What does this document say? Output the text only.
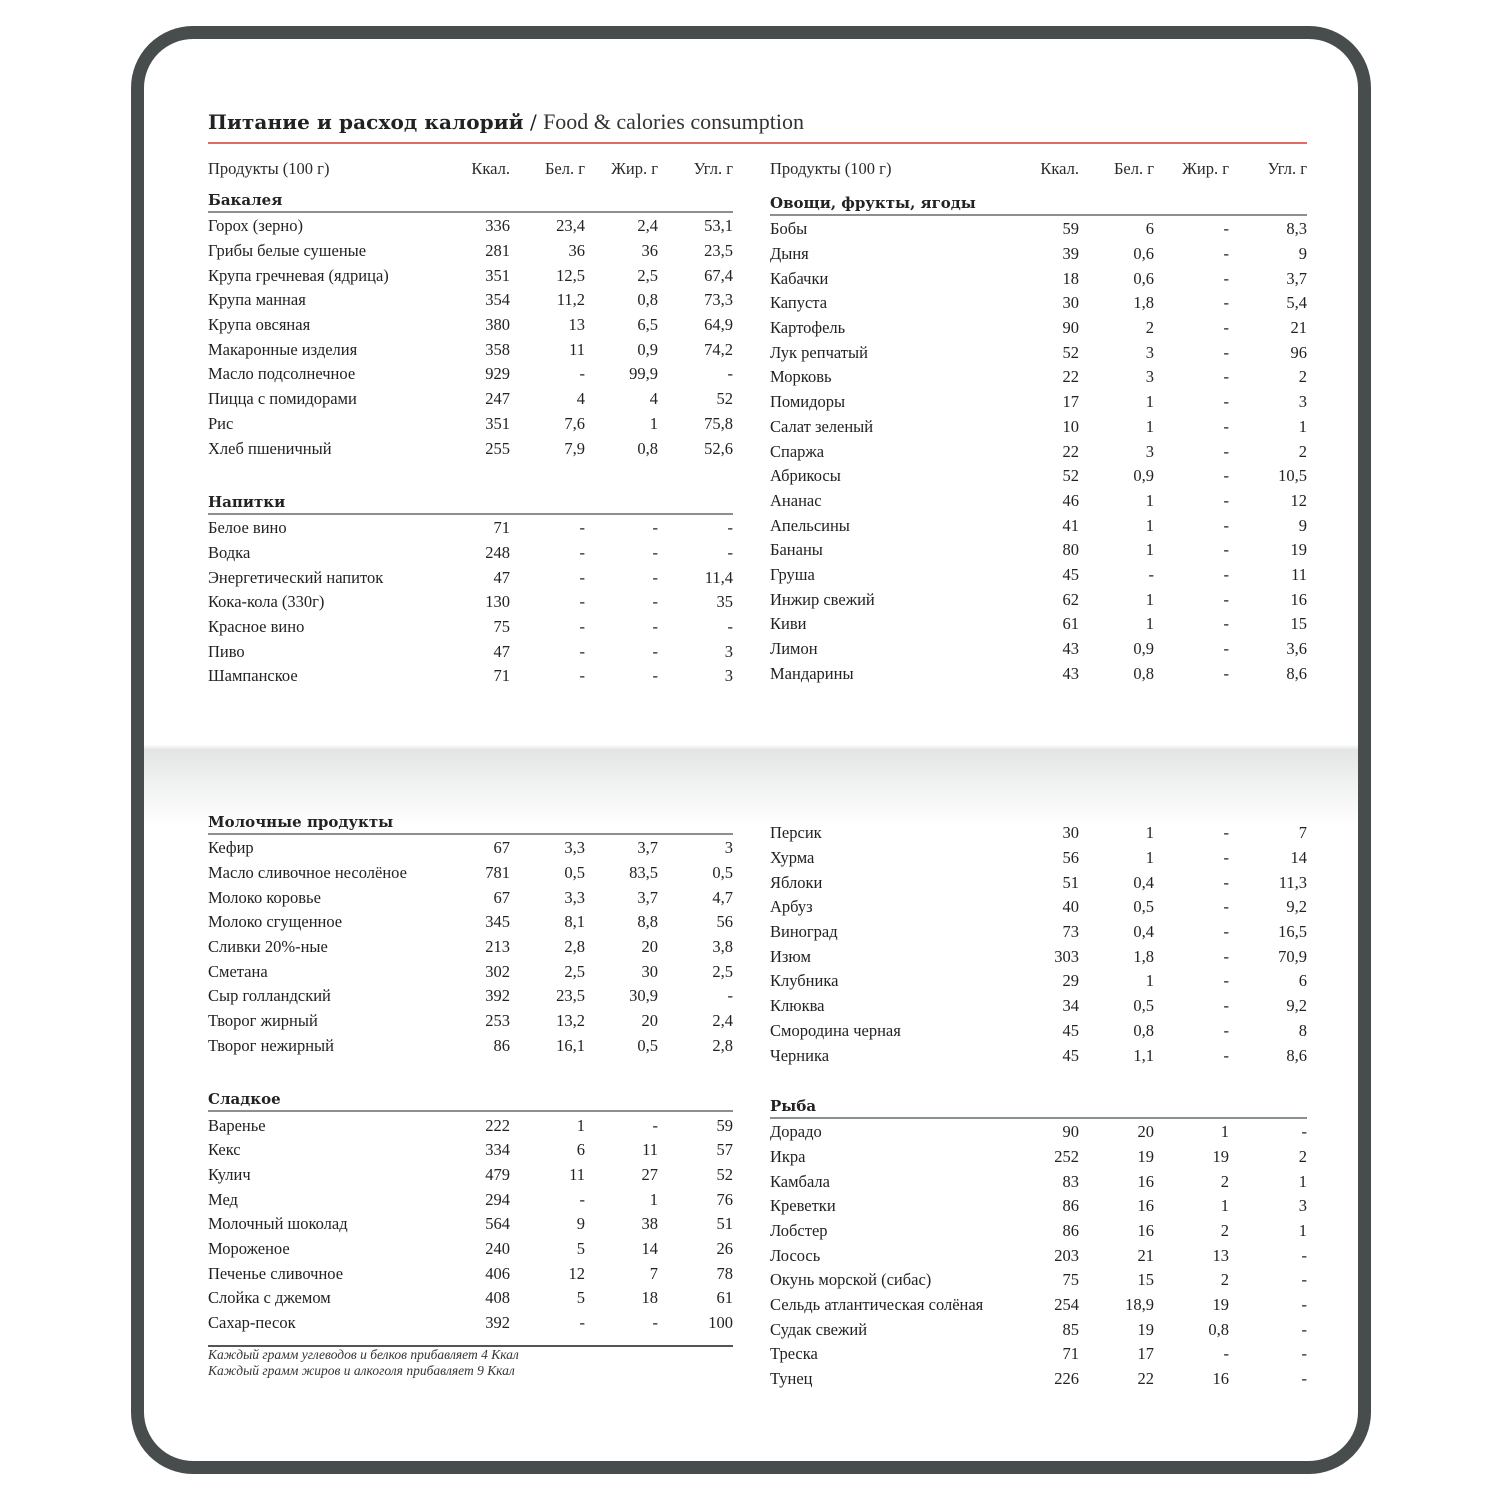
Питание и расход калорий / Food & calories consumption
Продукты (100 г)	Ккал.	Бел. г	Жир. г	Угл. г
Бакалея
Горох (зерно)	336	23,4	2,4	53,1
Грибы белые сушеные	281	36	36	23,5
Крупа гречневая (ядрица)	351	12,5	2,5	67,4
Крупа манная	354	11,2	0,8	73,3
Крупа овсяная	380	13	6,5	64,9
Макаронные изделия	358	11	0,9	74,2
Масло подсолнечное	929	-	99,9	-
Пицца с помидорами	247	4	4	52
Рис	351	7,6	1	75,8
Хлеб пшеничный	255	7,9	0,8	52,6
Напитки
Белое вино	71	-	-	-
Водка	248	-	-	-
Энергетический напиток	47	-	-	11,4
Кока-кола (330г)	130	-	-	35
Красное вино	75	-	-	-
Пиво	47	-	-	3
Шампанское	71	-	-	3
Продукты (100 г)	Ккал.	Бел. г	Жир. г	Угл. г
Овощи, фрукты, ягоды
Бобы	59	6	-	8,3
Дыня	39	0,6	-	9
Кабачки	18	0,6	-	3,7
Капуста	30	1,8	-	5,4
Картофель	90	2	-	21
Лук репчатый	52	3	-	96
Морковь	22	3	-	2
Помидоры	17	1	-	3
Салат зеленый	10	1	-	1
Спаржа	22	3	-	2
Абрикосы	52	0,9	-	10,5
Ананас	46	1	-	12
Апельсины	41	1	-	9
Бананы	80	1	-	19
Груша	45	-	-	11
Инжир свежий	62	1	-	16
Киви	61	1	-	15
Лимон	43	0,9	-	3,6
Мандарины	43	0,8	-	8,6
Молочные продукты
Кефир	67	3,3	3,7	3
Масло сливочное несолёное	781	0,5	83,5	0,5
Молоко коровье	67	3,3	3,7	4,7
Молоко сгущенное	345	8,1	8,8	56
Сливки 20%-ные	213	2,8	20	3,8
Сметана	302	2,5	30	2,5
Сыр голландский	392	23,5	30,9	-
Творог жирный	253	13,2	20	2,4
Творог нежирный	86	16,1	0,5	2,8
Сладкое
Варенье	222	1	-	59
Кекс	334	6	11	57
Кулич	479	11	27	52
Мед	294	-	1	76
Молочный шоколад	564	9	38	51
Мороженое	240	5	14	26
Печенье сливочное	406	12	7	78
Слойка с джемом	408	5	18	61
Сахар-песок	392	-	-	100
Каждый грамм углеводов и белков прибавляет 4 Ккал
Каждый грамм жиров и алкоголя прибавляет 9 Ккал
Персик	30	1	-	7
Хурма	56	1	-	14
Яблоки	51	0,4	-	11,3
Арбуз	40	0,5	-	9,2
Виноград	73	0,4	-	16,5
Изюм	303	1,8	-	70,9
Клубника	29	1	-	6
Клюква	34	0,5	-	9,2
Смородина черная	45	0,8	-	8
Черника	45	1,1	-	8,6
Рыба
Дорадо	90	20	1	-
Икра	252	19	19	2
Камбала	83	16	2	1
Креветки	86	16	1	3
Лобстер	86	16	2	1
Лосось	203	21	13	-
Окунь морской (сибас)	75	15	2	-
Сельдь атлантическая солёная	254	18,9	19	-
Судак свежий	85	19	0,8	-
Треска	71	17	-	-
Тунец	226	22	16	-
